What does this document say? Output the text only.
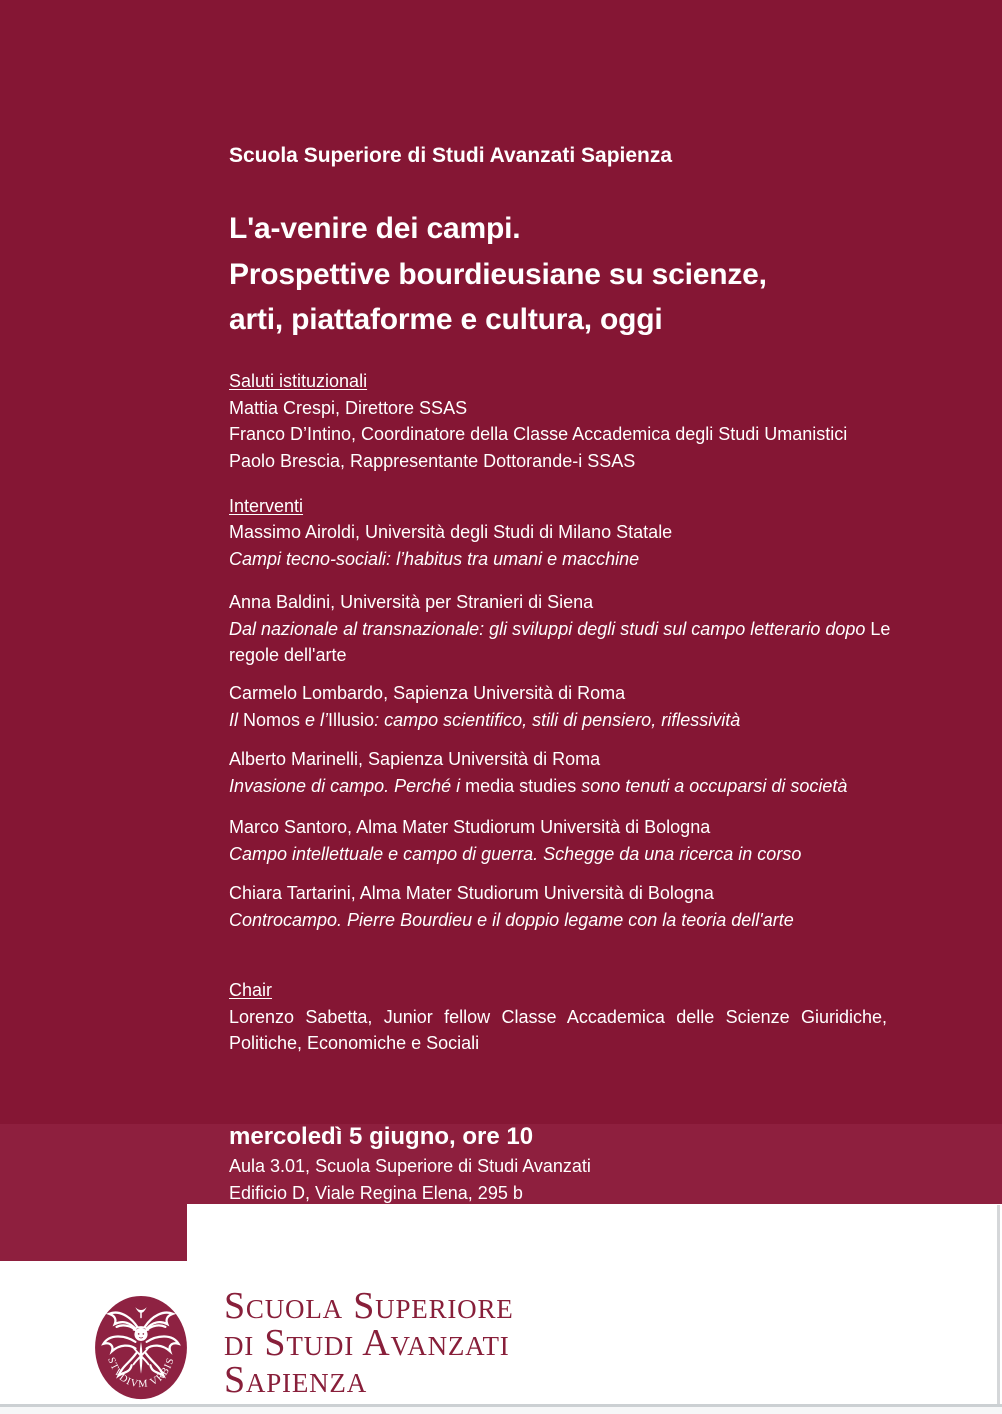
Scuola Superiore di Studi Avanzati Sapienza
L'a-venire dei campi.
Prospettive bourdieusiane su scienze,
arti, piattaforme e cultura, oggi
Saluti istituzionali
Mattia Crespi, Direttore SSAS
Franco D’Intino, Coordinatore della Classe Accademica degli Studi Umanistici
Paolo Brescia, Rappresentante Dottorande-i SSAS
Interventi
Massimo Airoldi, Università degli Studi di Milano Statale
Campi tecno-sociali: l’habitus tra umani e macchine
Anna Baldini, Università per Stranieri di Siena
Dal nazionale al transnazionale: gli sviluppi degli studi sul campo letterario dopo Le regole dell'arte
Carmelo Lombardo, Sapienza Università di Roma
Il Nomos e l’Illusio: campo scientifico, stili di pensiero, riflessività
Alberto Marinelli, Sapienza Università di Roma
Invasione di campo. Perché i media studies sono tenuti a occuparsi di società
Marco Santoro, Alma Mater Studiorum Università di Bologna
Campo intellettuale e campo di guerra. Schegge da una ricerca in corso
Chiara Tartarini, Alma Mater Studiorum Università di Bologna
Controcampo. Pierre Bourdieu e il doppio legame con la teoria dell'arte
Chair
Lorenzo Sabetta, Junior fellow Classe Accademica delle Scienze Giuridiche, Politiche, Economiche e Sociali
mercoledì 5 giugno, ore 10
Aula 3.01, Scuola Superiore di Studi Avanzati
Edificio D, Viale Regina Elena, 295 b
STVDIVM VRBIS
Scuola Superiore
di Studi Avanzati
Sapienza
